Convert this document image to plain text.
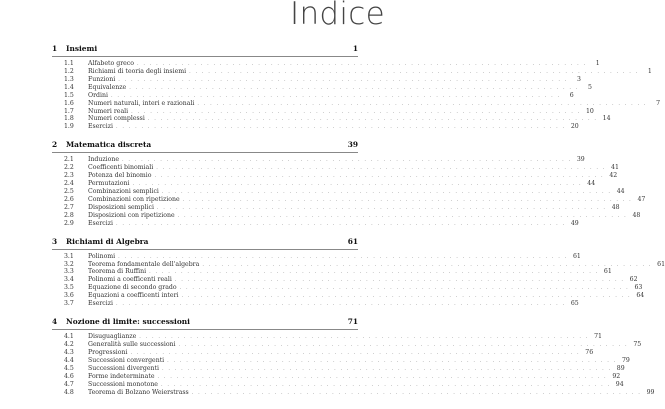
Indice
1	Insiemi	1
1.1	Alfabeto greco . . . . . . . . . . . . . . . . . . . . . . . . . . . . . . . . . . . . . . . . . . . . . . . . . . . . . . . . . . . . . . . . . . . . . . .	1
1.2	Richiami di teoria degli insiemi . . . . . . . . . . . . . . . . . . . . . . . . . . . . . . . . . . . . . . . . . . . . . . . . . . . . . . . . . . . . . . . . . . . . . . .	1
1.3	Funzioni . . . . . . . . . . . . . . . . . . . . . . . . . . . . . . . . . . . . . . . . . . . . . . . . . . . . . . . . . . . . . . . . . . . . . . .	3
1.4	Equivalenze . . . . . . . . . . . . . . . . . . . . . . . . . . . . . . . . . . . . . . . . . . . . . . . . . . . . . . . . . . . . . . . . . . . . . . .	5
1.5	Ordini . . . . . . . . . . . . . . . . . . . . . . . . . . . . . . . . . . . . . . . . . . . . . . . . . . . . . . . . . . . . . . . . . . . . . . .	6
1.6	Numeri naturali, interi e razionali . . . . . . . . . . . . . . . . . . . . . . . . . . . . . . . . . . . . . . . . . . . . . . . . . . . . . . . . . . . . . . . . . . . . . . .	7
1.7	Numeri reali . . . . . . . . . . . . . . . . . . . . . . . . . . . . . . . . . . . . . . . . . . . . . . . . . . . . . . . . . . . . . . . . . . . . . . . 10
1.8	Numeri complessi . . . . . . . . . . . . . . . . . . . . . . . . . . . . . . . . . . . . . . . . . . . . . . . . . . . . . . . . . . . . . . . . . . . . . . . 14
1.9	Esercizi . . . . . . . . . . . . . . . . . . . . . . . . . . . . . . . . . . . . . . . . . . . . . . . . . . . . . . . . . . . . . . . . . . . . . . . 20
2	Matematica discreta	39
2.1	Induzione . . . . . . . . . . . . . . . . . . . . . . . . . . . . . . . . . . . . . . . . . . . . . . . . . . . . . . . . . . . . . . . . . . . . . . . 39
2.2	Coefficenti binomiali . . . . . . . . . . . . . . . . . . . . . . . . . . . . . . . . . . . . . . . . . . . . . . . . . . . . . . . . . . . . . . . . . . . . . . . 41
2.3	Potenza del binomio . . . . . . . . . . . . . . . . . . . . . . . . . . . . . . . . . . . . . . . . . . . . . . . . . . . . . . . . . . . . . . . . . . . . . . . 42
2.4	Permutazioni . . . . . . . . . . . . . . . . . . . . . . . . . . . . . . . . . . . . . . . . . . . . . . . . . . . . . . . . . . . . . . . . . . . . . . . 44
2.5	Combinazioni semplici . . . . . . . . . . . . . . . . . . . . . . . . . . . . . . . . . . . . . . . . . . . . . . . . . . . . . . . . . . . . . . . . . . . . . . . 44
2.6	Combinazioni con ripetizione . . . . . . . . . . . . . . . . . . . . . . . . . . . . . . . . . . . . . . . . . . . . . . . . . . . . . . . . . . . . . . . . . . . . . . . 47
2.7	Disposizioni semplici . . . . . . . . . . . . . . . . . . . . . . . . . . . . . . . . . . . . . . . . . . . . . . . . . . . . . . . . . . . . . . . . . . . . . . . 48
2.8	Disposizioni con ripetizione . . . . . . . . . . . . . . . . . . . . . . . . . . . . . . . . . . . . . . . . . . . . . . . . . . . . . . . . . . . . . . . . . . . . . . . 48
2.9	Esercizi . . . . . . . . . . . . . . . . . . . . . . . . . . . . . . . . . . . . . . . . . . . . . . . . . . . . . . . . . . . . . . . . . . . . . . . 49
3	Richiami di Algebra	61
3.1	Polinomi . . . . . . . . . . . . . . . . . . . . . . . . . . . . . . . . . . . . . . . . . . . . . . . . . . . . . . . . . . . . . . . . . . . . . . . 61
3.2	Teorema fondamentale dell'algebra . . . . . . . . . . . . . . . . . . . . . . . . . . . . . . . . . . . . . . . . . . . . . . . . . . . . . . . . . . . . . . . . . . . . . . . 61
3.3	Teorema di Ruffini . . . . . . . . . . . . . . . . . . . . . . . . . . . . . . . . . . . . . . . . . . . . . . . . . . . . . . . . . . . . . . . . . . . . . . . 61
3.4	Polinomi a coefficenti reali . . . . . . . . . . . . . . . . . . . . . . . . . . . . . . . . . . . . . . . . . . . . . . . . . . . . . . . . . . . . . . . . . . . . . . . 62
3.5	Equazione di secondo grado . . . . . . . . . . . . . . . . . . . . . . . . . . . . . . . . . . . . . . . . . . . . . . . . . . . . . . . . . . . . . . . . . . . . . . . 63
3.6	Equazioni a coefficenti interi . . . . . . . . . . . . . . . . . . . . . . . . . . . . . . . . . . . . . . . . . . . . . . . . . . . . . . . . . . . . . . . . . . . . . . . 64
3.7	Esercizi . . . . . . . . . . . . . . . . . . . . . . . . . . . . . . . . . . . . . . . . . . . . . . . . . . . . . . . . . . . . . . . . . . . . . . . 65
4	Nozione di limite: successioni	71
4.1	Disuguaglianze . . . . . . . . . . . . . . . . . . . . . . . . . . . . . . . . . . . . . . . . . . . . . . . . . . . . . . . . . . . . . . . . . . . . . . . 71
4.2	Generalità sulle successioni . . . . . . . . . . . . . . . . . . . . . . . . . . . . . . . . . . . . . . . . . . . . . . . . . . . . . . . . . . . . . . . . . . . . . . . 75
4.3	Progressioni . . . . . . . . . . . . . . . . . . . . . . . . . . . . . . . . . . . . . . . . . . . . . . . . . . . . . . . . . . . . . . . . . . . . . . . 76
4.4	Successioni convergenti . . . . . . . . . . . . . . . . . . . . . . . . . . . . . . . . . . . . . . . . . . . . . . . . . . . . . . . . . . . . . . . . . . . . . . . 79
4.5	Successioni divergenti . . . . . . . . . . . . . . . . . . . . . . . . . . . . . . . . . . . . . . . . . . . . . . . . . . . . . . . . . . . . . . . . . . . . . . . 89
4.6	Forme indeterminate . . . . . . . . . . . . . . . . . . . . . . . . . . . . . . . . . . . . . . . . . . . . . . . . . . . . . . . . . . . . . . . . . . . . . . . 92
4.7	Successioni monotone . . . . . . . . . . . . . . . . . . . . . . . . . . . . . . . . . . . . . . . . . . . . . . . . . . . . . . . . . . . . . . . . . . . . . . . 94
4.8	Teorema di Bolzano Weierstrass . . . . . . . . . . . . . . . . . . . . . . . . . . . . . . . . . . . . . . . . . . . . . . . . . . . . . . . . . . . . . . . . . . . . . . . 99
